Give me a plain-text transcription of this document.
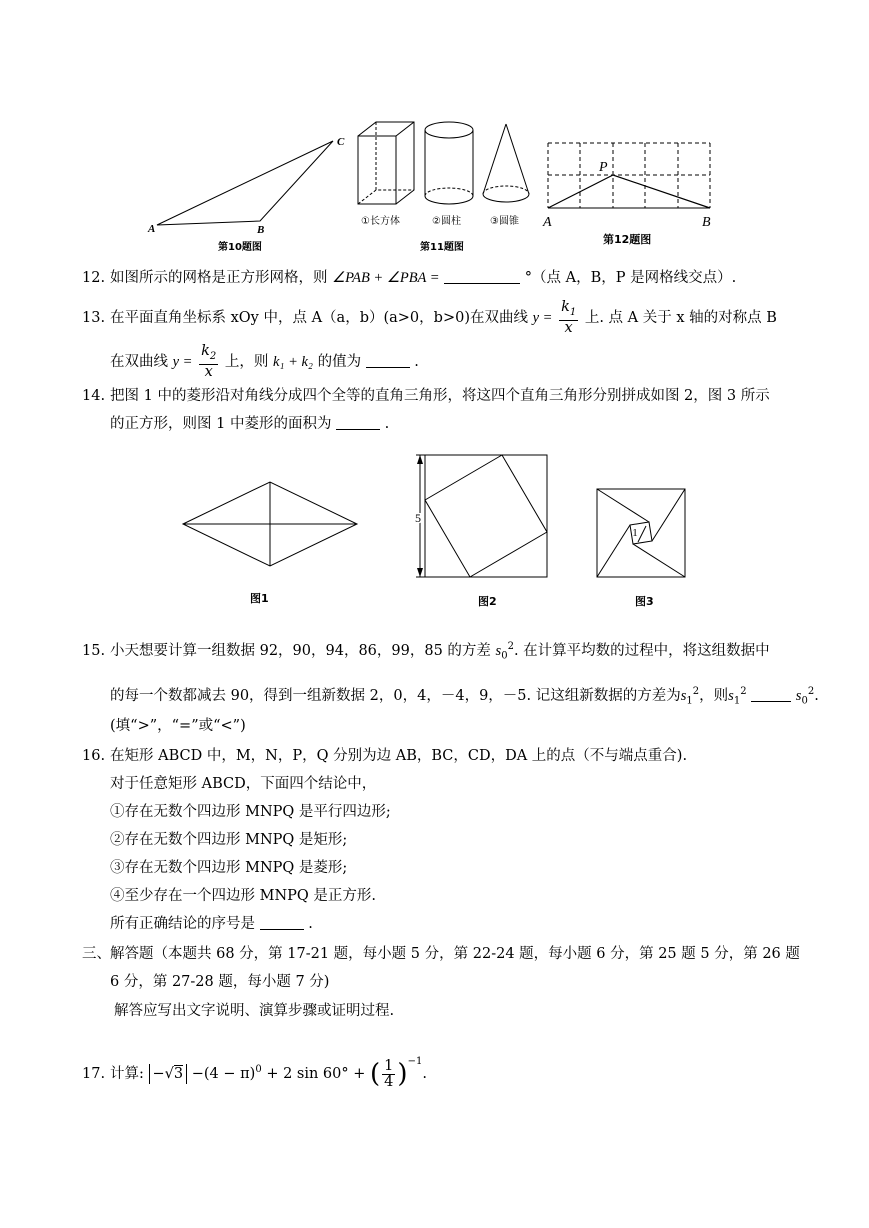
A	B
C
第10题图
①长方体	②圆柱	③圆锥
第11题图
P
A	B
第12题图
12. 如图所示的网格是正方形网格，则 ∠PAB + ∠PBA =	°（点 A，B，P 是网格线交点）.
13. 在平面直角坐标系 xOy 中，点 A（a，b）(a>0，b>0)在双曲线 $y = \frac{k_1}{x}$ 上. 点 A 关于 x 轴的对称点 B
在双曲线 $y = \frac{k_2}{x}$ 上，则 k₁ + k₂ 的值为	.
14. 把图 1 中的菱形沿对角线分成四个全等的直角三角形，将这四个直角三角形分别拼成如图 2，图 3 所示
的正方形，则图 1 中菱形的面积为	.
图1
5
图2
1
图3
15. 小天想要计算一组数据 92，90，94，86，99，85 的方差 $s_0^2$. 在计算平均数的过程中，将这组数据中
的每一个数都减去 90，得到一组新数据 2，0，4，－4，9，－5. 记这组新数据的方差为$s_1^2$，则$s_1^2$	$s_0^2$.
(填“>”，“=”或“<”)
16. 在矩形 ABCD 中，M，N，P，Q 分别为边 AB，BC，CD，DA 上的点（不与端点重合).
对于任意矩形 ABCD，下面四个结论中，
①存在无数个四边形 MNPQ 是平行四边形;
②存在无数个四边形 MNPQ 是矩形;
③存在无数个四边形 MNPQ 是菱形;
④至少存在一个四边形 MNPQ 是正方形.
所有正确结论的序号是	.
三、解答题（本题共 68 分，第 17-21 题，每小题 5 分，第 22-24 题，每小题 6 分，第 25 题 5 分，第 26 题
6 分，第 27-28 题，每小题 7 分)
解答应写出文字说明、演算步骤或证明过程.
17. 计算: $-√3 -(4 - \pi)^0 + 2$ sin 60° + ( $\frac{1}{4} )^{-1}$.
